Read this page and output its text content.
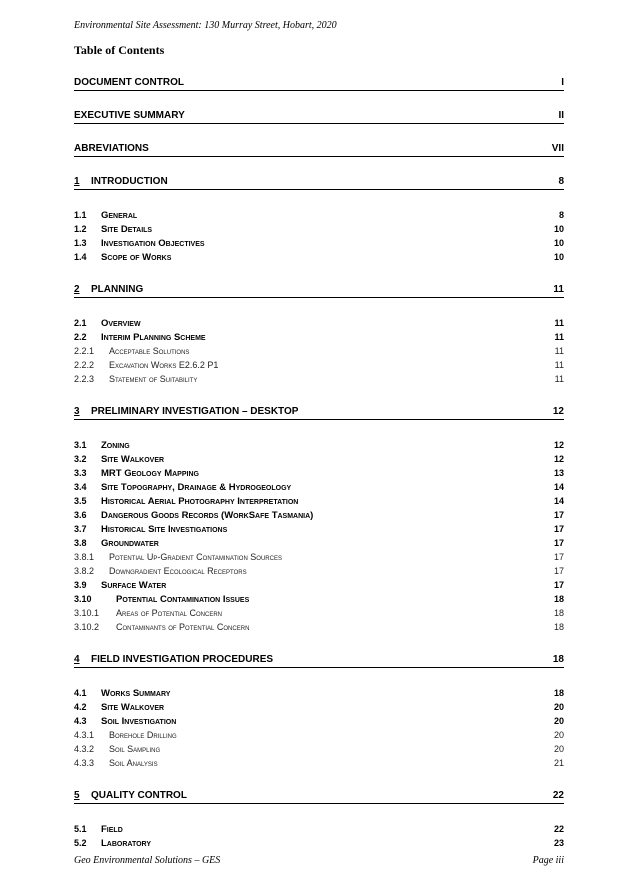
Environmental Site Assessment: 130 Murray Street, Hobart, 2020
Table of Contents
DOCUMENT CONTROL	I
EXECUTIVE SUMMARY	II
ABREVIATIONS	VII
1 INTRODUCTION	8
1.1 General	8
1.2 Site Details	10
1.3 Investigation Objectives	10
1.4 Scope of Works	10
2 PLANNING	11
2.1 Overview	11
2.2 Interim Planning Scheme	11
2.2.1 Acceptable Solutions	11
2.2.2 Excavation Works E2.6.2 P1	11
2.2.3 Statement of Suitability	11
3 PRELIMINARY INVESTIGATION – DESKTOP	12
3.1 Zoning	12
3.2 Site Walkover	12
3.3 MRT Geology Mapping	13
3.4 Site Topography, Drainage & Hydrogeology	14
3.5 Historical Aerial Photography Interpretation	14
3.6 Dangerous Goods Records (WorkSafe Tasmania)	17
3.7 Historical Site Investigations	17
3.8 Groundwater	17
3.8.1 Potential Up-Gradient Contamination Sources	17
3.8.2 Downgradient Ecological Receptors	17
3.9 Surface Water	17
3.10	Potential Contamination Issues	18
3.10.1 Areas of Potential Concern	18
3.10.2 Contaminants of Potential Concern	18
4 FIELD INVESTIGATION PROCEDURES	18
4.1 Works Summary	18
4.2 Site Walkover	20
4.3 Soil Investigation	20
4.3.1 Borehole Drilling	20
4.3.2 Soil Sampling	20
4.3.3 Soil Analysis	21
5 QUALITY CONTROL	22
5.1 Field	22
5.2 Laboratory	23
Geo Environmental Solutions – GES	Page iii
